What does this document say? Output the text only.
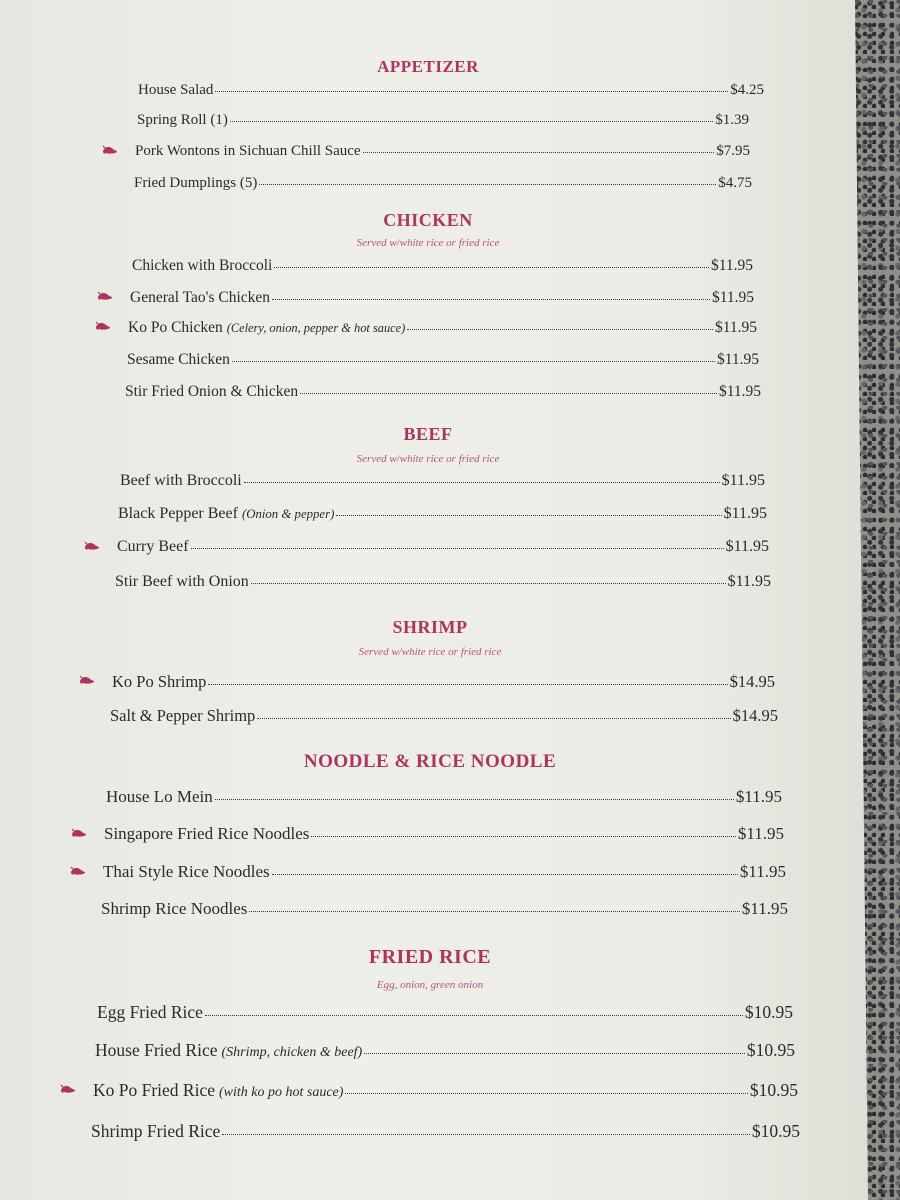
APPETIZER
House Salad	$4.25
Spring Roll (1)	$1.39
Pork Wontons in Sichuan Chill Sauce	$7.95
Fried Dumplings (5)	$4.75
CHICKEN
Served w/white rice or fried rice
Chicken with Broccoli	$11.95
General Tao's Chicken	$11.95
Ko Po Chicken (Celery, onion, pepper & hot sauce)	$11.95
Sesame Chicken	$11.95
Stir Fried Onion & Chicken	$11.95
BEEF
Served w/white rice or fried rice
Beef with Broccoli	$11.95
Black Pepper Beef (Onion & pepper)	$11.95
Curry Beef	$11.95
Stir Beef with Onion	$11.95
SHRIMP
Served w/white rice or fried rice
Ko Po Shrimp	$14.95
Salt & Pepper Shrimp	$14.95
NOODLE & RICE NOODLE
House Lo Mein	$11.95
Singapore Fried Rice Noodles	$11.95
Thai Style Rice Noodles	$11.95
Shrimp Rice Noodles	$11.95
FRIED RICE
Egg, onion, green onion
Egg Fried Rice	$10.95
House Fried Rice (Shrimp, chicken & beef)	$10.95
Ko Po Fried Rice (with ko po hot sauce)	$10.95
Shrimp Fried Rice	$10.95
